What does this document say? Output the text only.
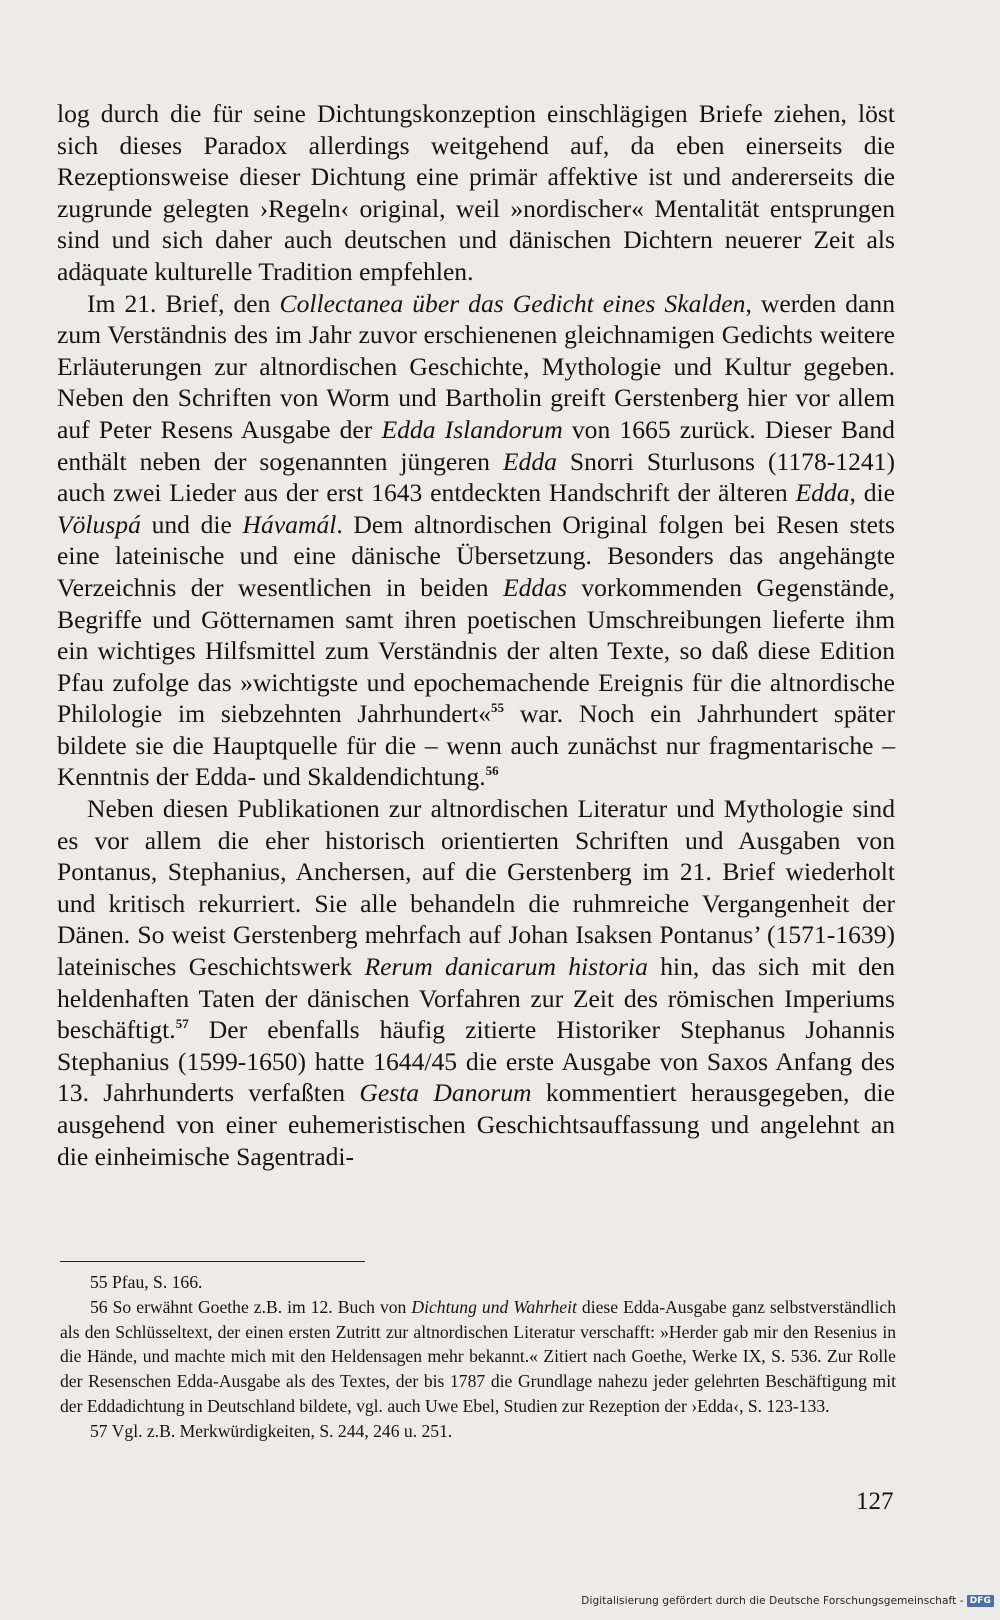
log durch die für seine Dichtungskonzeption einschlägigen Briefe ziehen, löst sich dieses Paradox allerdings weitgehend auf, da eben einerseits die Rezeptionsweise dieser Dichtung eine primär affektive ist und andererseits die zugrunde gelegten ›Regeln‹ original, weil »nordischer« Mentalität entsprungen sind und sich daher auch deutschen und dänischen Dichtern neuerer Zeit als adäquate kulturelle Tradition empfehlen.

Im 21. Brief, den Collectanea über das Gedicht eines Skalden, werden dann zum Verständnis des im Jahr zuvor erschienenen gleichnamigen Gedichts weitere Erläuterungen zur altnordischen Geschichte, Mythologie und Kultur gegeben. Neben den Schriften von Worm und Bartholin greift Gerstenberg hier vor allem auf Peter Resens Ausgabe der Edda Islandorum von 1665 zurück. Dieser Band enthält neben der sogenannten jüngeren Edda Snorri Sturlusons (1178-1241) auch zwei Lieder aus der erst 1643 entdeckten Handschrift der älteren Edda, die Völuspá und die Hávamál. Dem altnordischen Original folgen bei Resen stets eine lateinische und eine dänische Übersetzung. Besonders das angehängte Verzeichnis der wesentlichen in beiden Eddas vorkommenden Gegenstände, Begriffe und Götternamen samt ihren poetischen Umschreibungen lieferte ihm ein wichtiges Hilfsmittel zum Verständnis der alten Texte, so daß diese Edition Pfau zufolge das »wichtigste und epochemachende Ereignis für die altnordische Philologie im siebzehnten Jahrhundert«$^{55}$ war. Noch ein Jahrhundert später bildete sie die Hauptquelle für die – wenn auch zunächst nur fragmentarische – Kenntnis der Edda- und Skaldendichtung.$^{56}$

Neben diesen Publikationen zur altnordischen Literatur und Mythologie sind es vor allem die eher historisch orientierten Schriften und Ausgaben von Pontanus, Stephanius, Anchersen, auf die Gerstenberg im 21. Brief wiederholt und kritisch rekurriert. Sie alle behandeln die ruhmreiche Vergangenheit der Dänen. So weist Gerstenberg mehrfach auf Johan Isaksen Pontanus’ (1571-1639) lateinisches Geschichtswerk Rerum danicarum historia hin, das sich mit den heldenhaften Taten der dänischen Vorfahren zur Zeit des römischen Imperiums beschäftigt.$^{57}$ Der ebenfalls häufig zitierte Historiker Stephanus Johannis Stephanius (1599-1650) hatte 1644/45 die erste Ausgabe von Saxos Anfang des 13. Jahrhunderts verfaßten Gesta Danorum kommentiert herausgegeben, die ausgehend von einer euhemeristischen Geschichtsauffassung und angelehnt an die einheimische Sagentradi-

55 Pfau, S. 166.

56 So erwähnt Goethe z.B. im 12. Buch von Dichtung und Wahrheit diese Edda-Ausgabe ganz selbstverständlich als den Schlüsseltext, der einen ersten Zutritt zur altnordischen Literatur verschafft: »Herder gab mir den Resenius in die Hände, und machte mich mit den Heldensagen mehr bekannt.« Zitiert nach Goethe, Werke IX, S. 536. Zur Rolle der Resenschen Edda-Ausgabe als des Textes, der bis 1787 die Grundlage nahezu jeder gelehrten Beschäftigung mit der Eddadichtung in Deutschland bildete, vgl. auch Uwe Ebel, Studien zur Rezeption der ›Edda‹, S. 123-133.

57 Vgl. z.B. Merkwürdigkeiten, S. 244, 246 u. 251.

127
Digitalisierung gefördert durch die Deutsche Forschungsgemeinschaft - DFG
